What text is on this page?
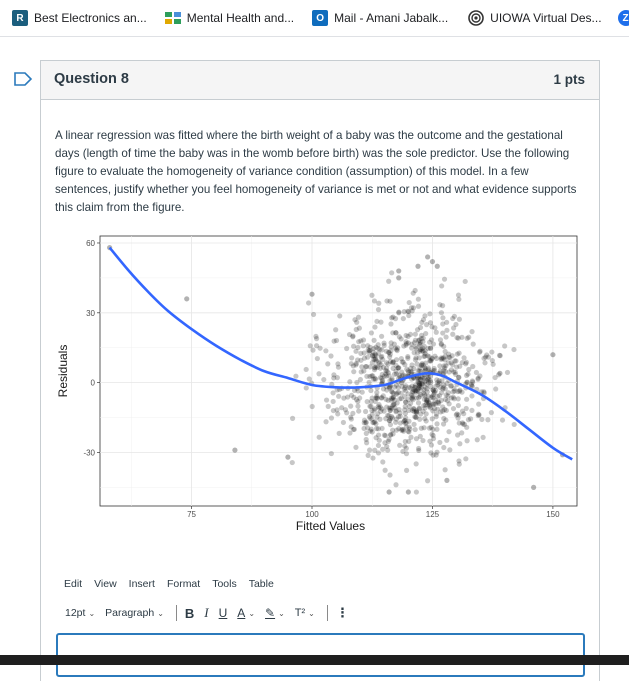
R Best Electronics an...	Mental Health and...	O Mail - Amani Jabalk...	UIOWA Virtual Des...	Z
Question 8	1 pts
A linear regression was fitted where the birth weight of a baby was the outcome and the gestational days (length of time the baby was in the womb before birth) was the sole predictor. Use the following figure to evaluate the homogeneity of variance condition (assumption) of this model. In a few sentences, justify whether you feel homogeneity of variance is met or not and what evidence supports this claim from the figure.
75	100	125	150
-30
0
30
60
Fitted Values
Residuals
Edit View Insert Format Tools Table
12pt ⌄ Paragraph ⌄ B I U A ⌄ ✎ ⌄ T² ⌄ ⋮
